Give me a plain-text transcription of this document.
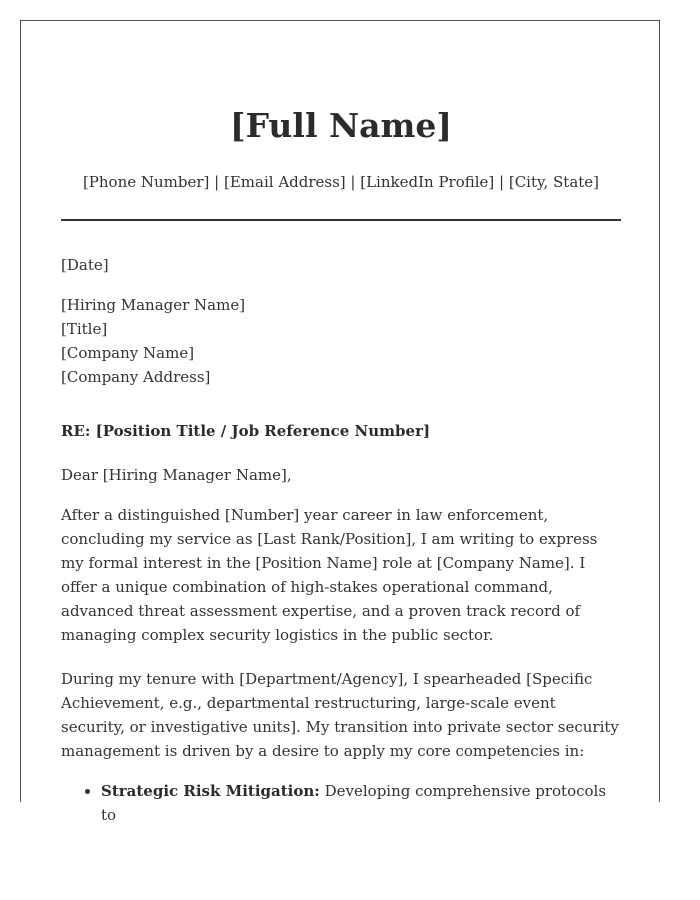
[Full Name]
[Phone Number] | [Email Address] | [LinkedIn Profile] | [City, State]

[Date]

[Hiring Manager Name]
[Title]
[Company Name]
[Company Address]

RE: [Position Title / Job Reference Number]

Dear [Hiring Manager Name],

After a distinguished [Number] year career in law enforcement, concluding my service as [Last Rank/Position], I am writing to express my formal interest in the [Position Name] role at [Company Name]. I offer a unique combination of high-stakes operational command, advanced threat assessment expertise, and a proven track record of managing complex security logistics in the public sector.

During my tenure with [Department/Agency], I spearheaded [Specific Achievement, e.g., departmental restructuring, large-scale event security, or investigative units]. My transition into private sector security management is driven by a desire to apply my core competencies in:

• Strategic Risk Mitigation: Developing comprehensive protocols to
